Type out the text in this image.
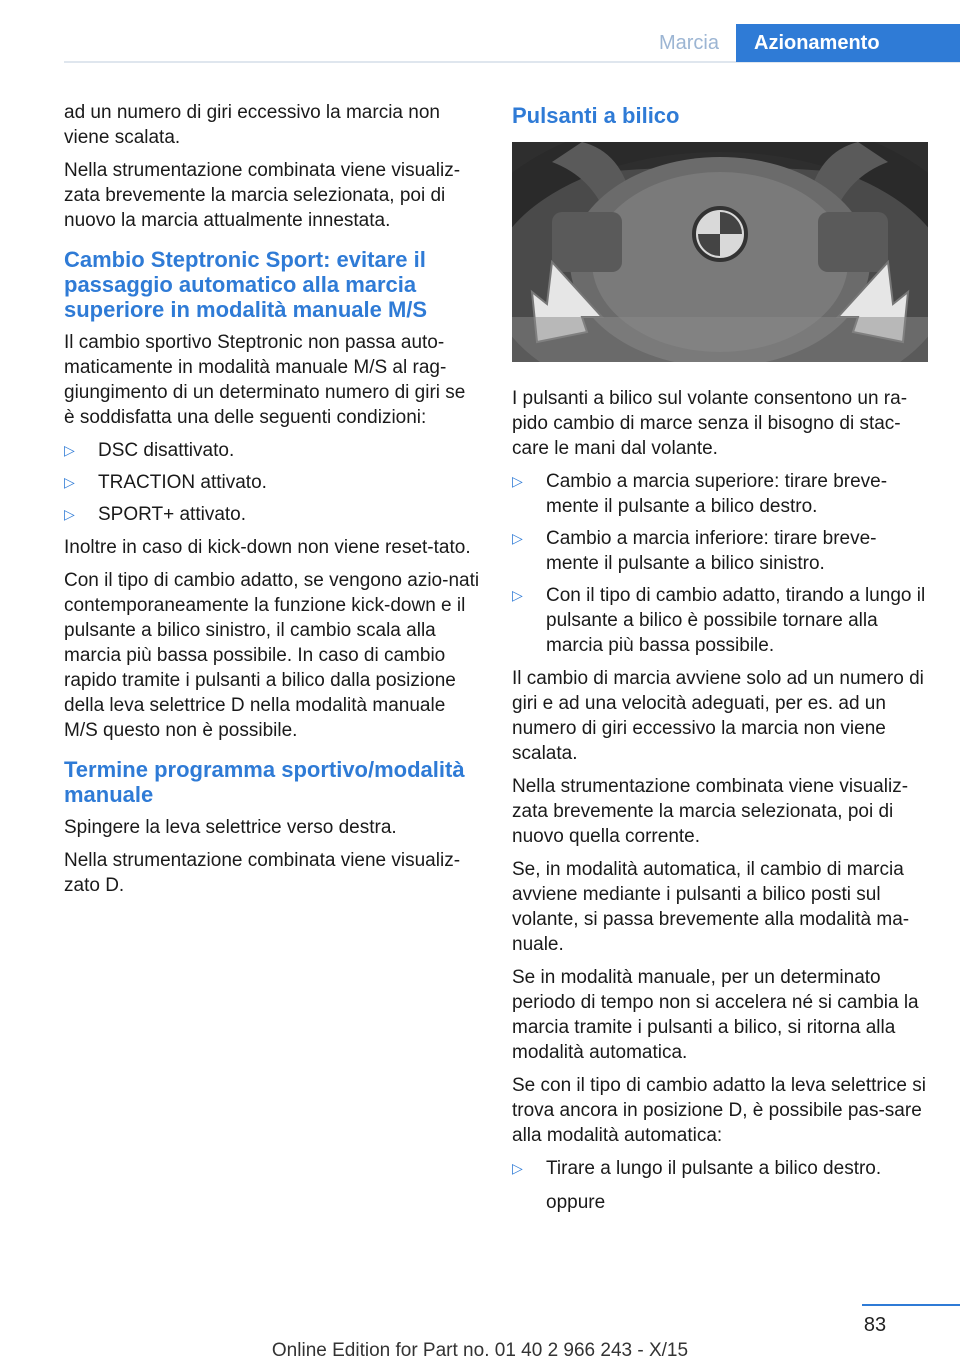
Marcia	Azionamento

ad un numero di giri eccessivo la marcia non viene scalata.

Nella strumentazione combinata viene visualiz‐zata brevemente la marcia selezionata, poi di nuovo la marcia attualmente innestata.

Cambio Steptronic Sport: evitare il passaggio automatico alla marcia superiore in modalità manuale M/S

Il cambio sportivo Steptronic non passa auto‐maticamente in modalità manuale M/S al rag‐giungimento di un determinato numero di giri se è soddisfatta una delle seguenti condizioni:

▷ DSC disattivato.
▷ TRACTION attivato.
▷ SPORT+ attivato.

Inoltre in caso di kick-down non viene reset‐tato.

Con il tipo di cambio adatto, se vengono azio‐nati contemporaneamente la funzione kick‐down e il pulsante a bilico sinistro, il cambio scala alla marcia più bassa possibile. In caso di cambio rapido tramite i pulsanti a bilico dalla posizione della leva selettrice D nella modalità manuale M/S questo non è possibile.

Termine programma sportivo/modalità manuale

Spingere la leva selettrice verso destra.

Nella strumentazione combinata viene visualiz‐zato D.

Pulsanti a bilico

I pulsanti a bilico sul volante consentono un ra‐pido cambio di marce senza il bisogno di stac‐care le mani dal volante.

▷ Cambio a marcia superiore: tirare breve‐mente il pulsante a bilico destro.
▷ Cambio a marcia inferiore: tirare breve‐mente il pulsante a bilico sinistro.
▷ Con il tipo di cambio adatto, tirando a lungo il pulsante a bilico è possibile tornare alla marcia più bassa possibile.

Il cambio di marcia avviene solo ad un numero di giri e ad una velocità adeguati, per es. ad un numero di giri eccessivo la marcia non viene scalata.

Nella strumentazione combinata viene visualiz‐zata brevemente la marcia selezionata, poi di nuovo quella corrente.

Se, in modalità automatica, il cambio di marcia avviene mediante i pulsanti a bilico posti sul volante, si passa brevemente alla modalità ma‐nuale.

Se in modalità manuale, per un determinato periodo di tempo non si accelera né si cambia la marcia tramite i pulsanti a bilico, si ritorna alla modalità automatica.

Se con il tipo di cambio adatto la leva selettrice si trova ancora in posizione D, è possibile pas‐sare alla modalità automatica:

▷ Tirare a lungo il pulsante a bilico destro.

oppure

83
Online Edition for Part no. 01 40 2 966 243 - X/15
